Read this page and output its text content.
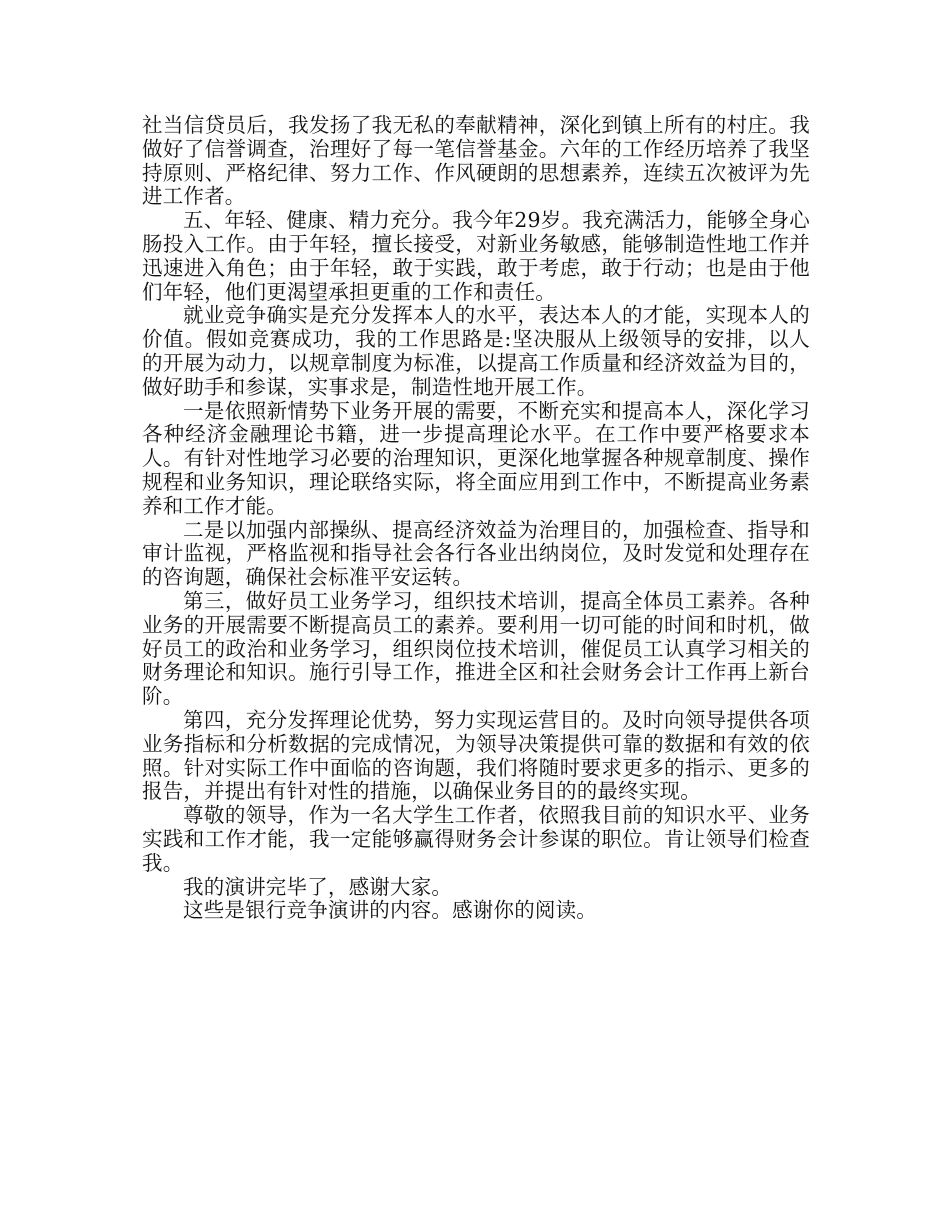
社当信贷员后，我发扬了我无私的奉献精神，深化到镇上所有的村庄。我做好了信誉调查，治理好了每一笔信誉基金。六年的工作经历培养了我坚持原则、严格纪律、努力工作、作风硬朗的思想素养，连续五次被评为先进工作者。

五、年轻、健康、精力充分。我今年29岁。我充满活力，能够全身心肠投入工作。由于年轻，擅长接受，对新业务敏感，能够制造性地工作并迅速进入角色；由于年轻，敢于实践，敢于考虑，敢于行动；也是由于他们年轻，他们更渴望承担更重的工作和责任。

就业竞争确实是充分发挥本人的水平，表达本人的才能，实现本人的价值。假如竞赛成功，我的工作思路是:坚决服从上级领导的安排，以人的开展为动力，以规章制度为标准，以提高工作质量和经济效益为目的，做好助手和参谋，实事求是，制造性地开展工作。

一是依照新情势下业务开展的需要，不断充实和提高本人，深化学习各种经济金融理论书籍，进一步提高理论水平。在工作中要严格要求本人。有针对性地学习必要的治理知识，更深化地掌握各种规章制度、操作规程和业务知识，理论联络实际，将全面应用到工作中，不断提高业务素养和工作才能。

二是以加强内部操纵、提高经济效益为治理目的，加强检查、指导和审计监视，严格监视和指导社会各行各业出纳岗位，及时发觉和处理存在的咨询题，确保社会标准平安运转。

第三，做好员工业务学习，组织技术培训，提高全体员工素养。各种业务的开展需要不断提高员工的素养。要利用一切可能的时间和时机，做好员工的政治和业务学习，组织岗位技术培训，催促员工认真学习相关的财务理论和知识。施行引导工作，推进全区和社会财务会计工作再上新台阶。

第四，充分发挥理论优势，努力实现运营目的。及时向领导提供各项业务指标和分析数据的完成情况，为领导决策提供可靠的数据和有效的依照。针对实际工作中面临的咨询题，我们将随时要求更多的指示、更多的报告，并提出有针对性的措施，以确保业务目的的最终实现。

尊敬的领导，作为一名大学生工作者，依照我目前的知识水平、业务实践和工作才能，我一定能够赢得财务会计参谋的职位。肯让领导们检查我。

我的演讲完毕了，感谢大家。

这些是银行竞争演讲的内容。感谢你的阅读。
